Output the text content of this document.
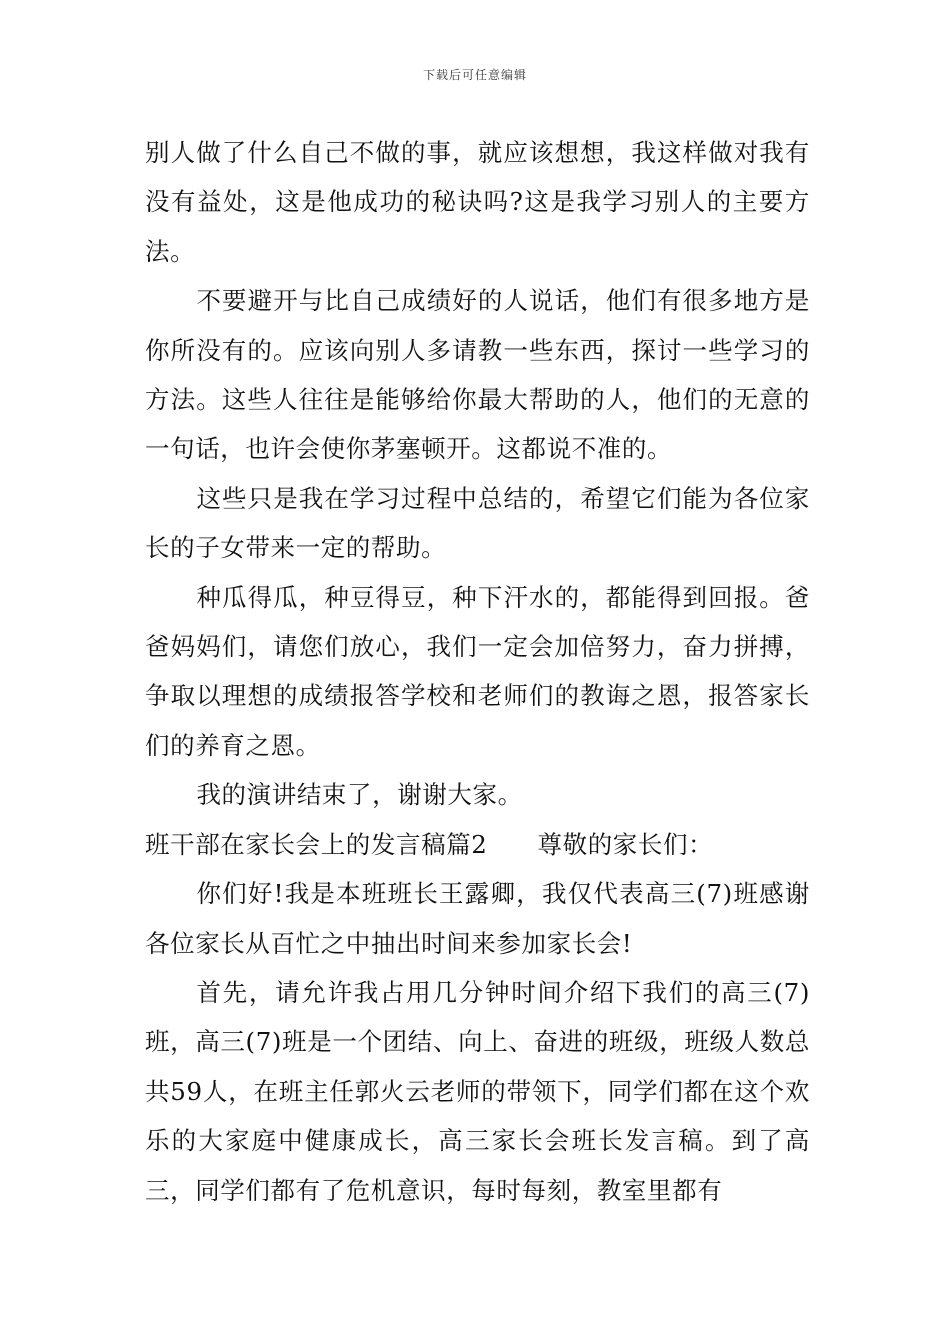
下载后可任意编辑

别人做了什么自己不做的事，就应该想想，我这样做对我有没有益处，这是他成功的秘诀吗?这是我学习别人的主要方法。

不要避开与比自己成绩好的人说话，他们有很多地方是你所没有的。应该向别人多请教一些东西，探讨一些学习的方法。这些人往往是能够给你最大帮助的人，他们的无意的一句话，也许会使你茅塞顿开。这都说不准的。

这些只是我在学习过程中总结的，希望它们能为各位家长的子女带来一定的帮助。

种瓜得瓜，种豆得豆，种下汗水的，都能得到回报。爸爸妈妈们，请您们放心，我们一定会加倍努力，奋力拼搏，争取以理想的成绩报答学校和老师们的教诲之恩，报答家长们的养育之恩。

我的演讲结束了，谢谢大家。

班干部在家长会上的发言稿篇2 尊敬的家长们：

你们好!我是本班班长王露卿，我仅代表高三(7)班感谢各位家长从百忙之中抽出时间来参加家长会!

首先，请允许我占用几分钟时间介绍下我们的高三(7)班，高三(7)班是一个团结、向上、奋进的班级，班级人数总共59人，在班主任郭火云老师的带领下，同学们都在这个欢乐的大家庭中健康成长，高三家长会班长发言稿。到了高三，同学们都有了危机意识，每时每刻，教室里都有
